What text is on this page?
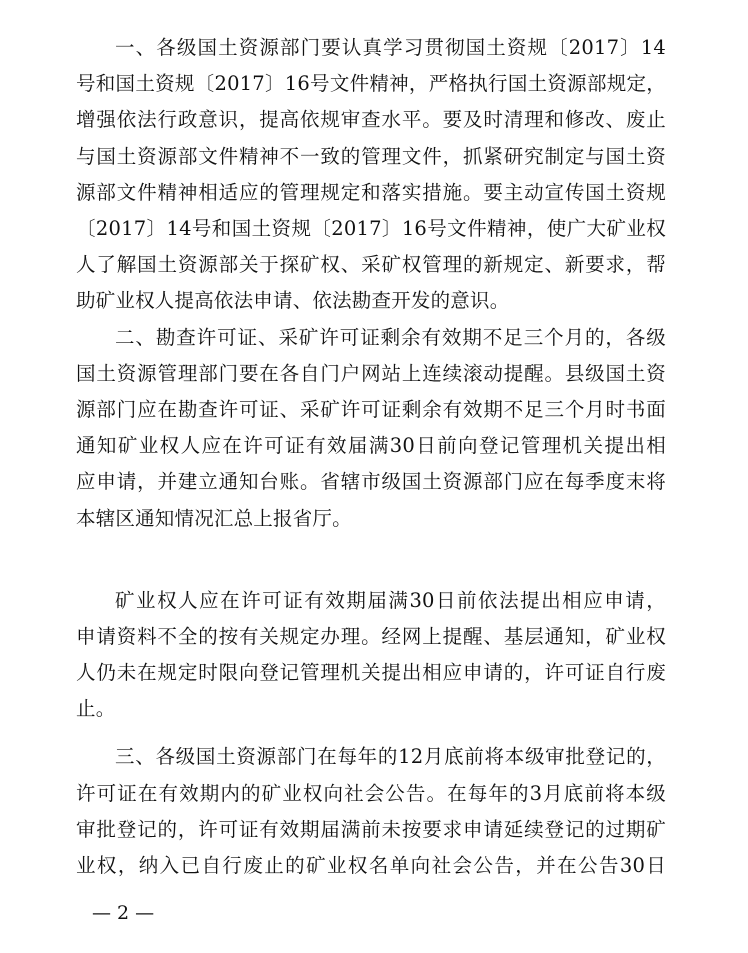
一、各级国土资源部门要认真学习贯彻国土资规〔2017〕14
号和国土资规〔2017〕16号文件精神，严格执行国土资源部规定，
增强依法行政意识，提高依规审查水平。要及时清理和修改、废止
与国土资源部文件精神不一致的管理文件，抓紧研究制定与国土资
源部文件精神相适应的管理规定和落实措施。要主动宣传国土资规
〔2017〕14号和国土资规〔2017〕16号文件精神，使广大矿业权
人了解国土资源部关于探矿权、采矿权管理的新规定、新要求，帮
助矿业权人提高依法申请、依法勘查开发的意识。
二、勘查许可证、采矿许可证剩余有效期不足三个月的，各级
国土资源管理部门要在各自门户网站上连续滚动提醒。县级国土资
源部门应在勘查许可证、采矿许可证剩余有效期不足三个月时书面
通知矿业权人应在许可证有效届满30日前向登记管理机关提出相
应申请，并建立通知台账。省辖市级国土资源部门应在每季度末将
本辖区通知情况汇总上报省厅。
矿业权人应在许可证有效期届满30日前依法提出相应申请，
申请资料不全的按有关规定办理。经网上提醒、基层通知，矿业权
人仍未在规定时限向登记管理机关提出相应申请的，许可证自行废
止。
三、各级国土资源部门在每年的12月底前将本级审批登记的，
许可证在有效期内的矿业权向社会公告。在每年的3月底前将本级
审批登记的，许可证有效期届满前未按要求申请延续登记的过期矿
业权，纳入已自行废止的矿业权名单向社会公告，并在公告30日
— 2 —
